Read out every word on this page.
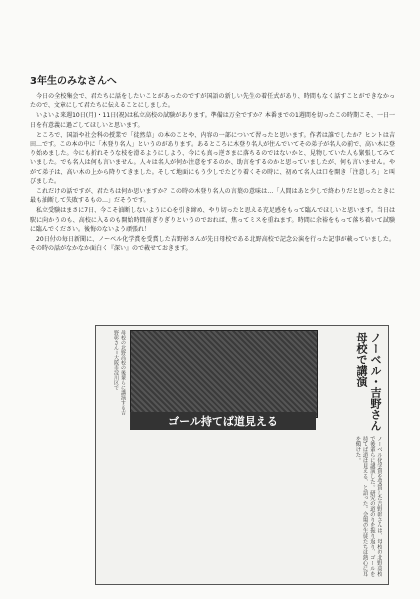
3年生のみなさんへ

今日の全校集会で、君たちに話をしたいことがあったのですが国語の新しい先生の着任式があり、時間もなく話すことができなかったので、文章にして君たちに伝えることにしました。

いよいよ来週10日(月)・11日(祝)は私立高校の試験があります。準備は万全ですか？本番までの1週間を切ったこの時期こそ、一日一日を有意義に過ごしてほしいと思います。

ところで、国語や社会科の授業で「徒然草」の本のことや、内容の一部について習ったと思います。作者は誰でしたか？ヒントは吉田…です。この本の中に「木登り名人」というのがあります。あるところに木登り名人が住んでいてその弟子が名人の前で、高い木に登り始めました。今にも折れそうな枝を滑るようにしよう、今にも真っ逆さまに落ちるのではないかと、見物していた人も緊張してみていました。でも名人は何も言いません。人々は名人が何か注意をするのか、助言をするのかと思っていましたが、何も言いません。やがて弟子は、高い木の上から降りてきました。そして地面にもう少しでたどり着くその時に、初めて名人は口を開き「注意しろ」と叫びました。

これだけの話ですが、君たちは何か思いますか？この時の木登り名人の言葉の意味は…「人間はあと少しで終わりだと思ったときに最も油断して失敗するもの…」だそうです。

私立受験はまさに7日、今こそ油断しないように心を引き締め、やり切ったと思える充足感をもって臨んでほしいと思います。当日は駅に向かうのも、高校に入るのも開始時間前ぎりぎりというのでおれば、焦ってミスを重ねます。時間に余裕をもって落ち着いて試験に臨んでください。後悔のないよう頑張れ！

20日付の毎日新聞に、ノーベル化学賞を受賞した吉野彰さんが先日母校である北野高校で記念公演を行った記事が載っていました。その時の話がなかなか面白く『深い』ので載せておきます。

母校の北野高校の後輩らに講演する吉野彰さん＝大阪市淀川区で
ゴール持てば道見える	ノーベル・吉野さん 母校で講演
ノーベル化学賞を受賞した吉野彰さんは、母校の北野高校で後輩らに講演した。研究の道のりを振り返り、ゴールを持てば道は見える、と語った。会場の生徒たちは熱心に耳を傾けた。
